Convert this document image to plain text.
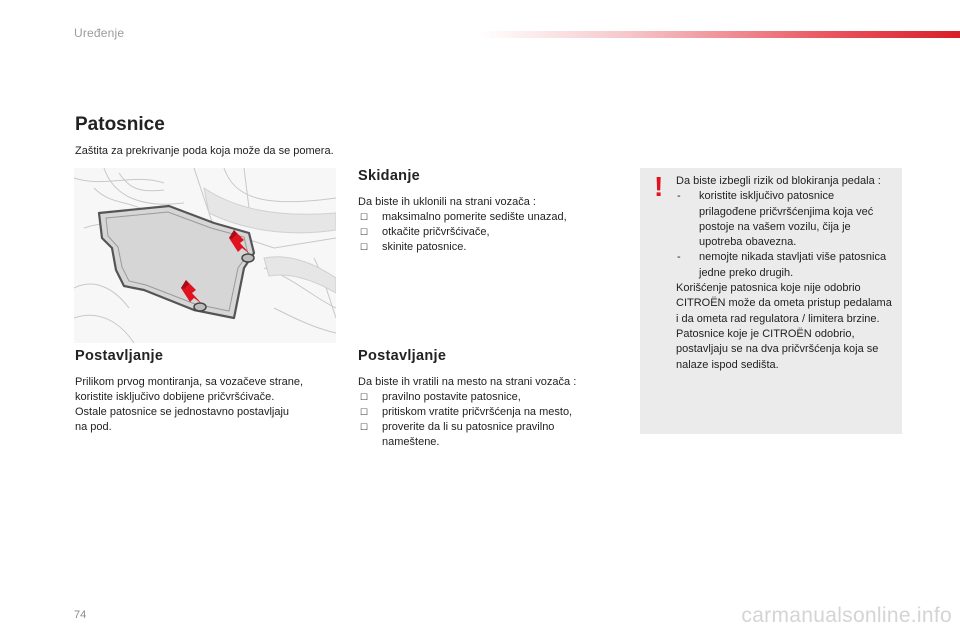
Uređenje
Patosnice
Zaštita za prekrivanje poda koja može da se pomera.
Skidanje

Da biste ih uklonili na strani vozača :

☐ maksimalno pomerite sedište unazad,
☐ otkačite pričvršćivače,
☐ skinite patosnice.
Postavljanje
Prilikom prvog montiranja, sa vozačeve strane,
koristite isključivo dobijene pričvršćivače.
Ostale patosnice se jednostavno postavljaju
na pod.
Postavljanje

Da biste ih vratili na mesto na strani vozača :

☐ pravilno postavite patosnice,
☐ pritiskom vratite pričvršćenja na mesto,
☐ proverite da li su patosnice pravilno nameštene.
! Da biste izbegli rizik od blokiranja pedala :

- koristite isključivo patosnice prilagođene pričvršćenjima koja već postoje na vašem vozilu, čija je upotreba obavezna.
- nemojte nikada stavljati više patosnica jedne preko drugih.

Korišćenje patosnica koje nije odobrio CITROËN može da ometa pristup pedalama i da ometa rad regulatora / limitera brzine.

Patosnice koje je CITROËN odobrio, postavljaju se na dva pričvršćenja koja se nalaze ispod sedišta.

74	carmanualsonline.info
